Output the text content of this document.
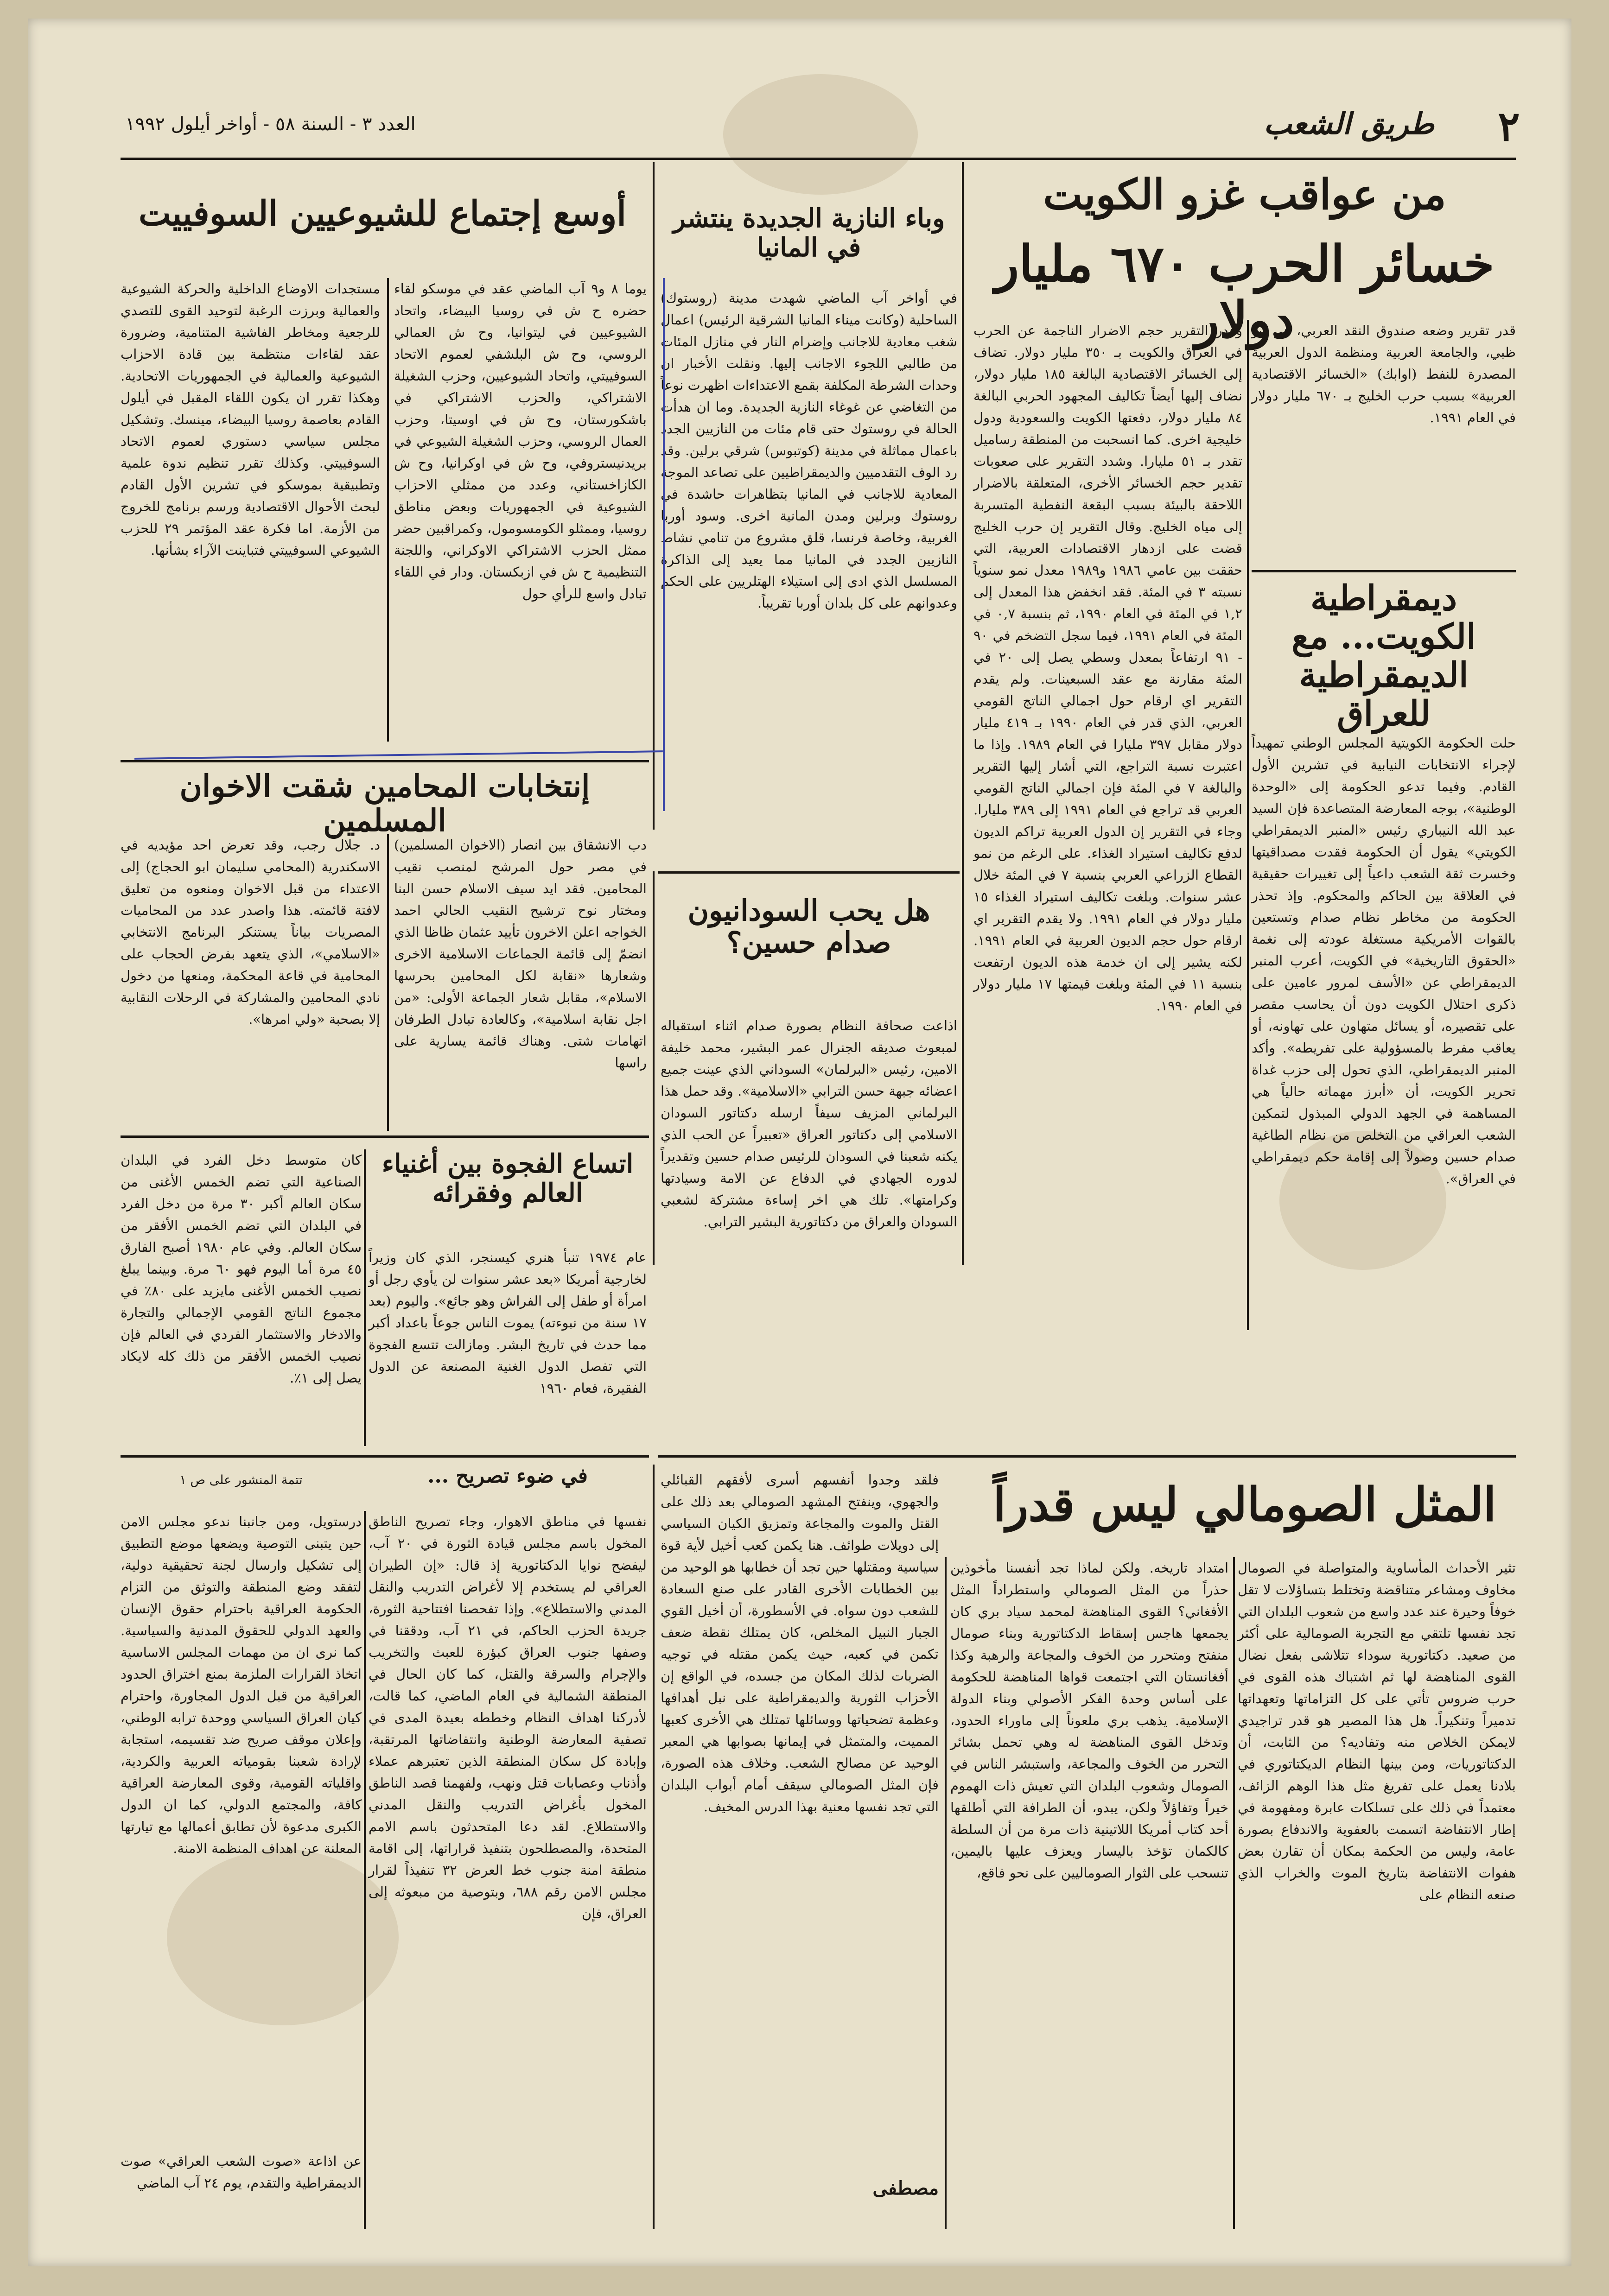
٢
طريق الشعب
العدد ٣ - السنة ٥٨ - أواخر أيلول ١٩٩٢
من عواقب غزو الكويت
خسائر الحرب ٦٧٠ مليار دولار

قدر تقرير وضعه صندوق النقد العربي، في أبو ظبي، والجامعة العربية ومنظمة الدول العربية المصدرة للنفط (اوابك) «الخسائر الاقتصادية العربية» بسبب حرب الخليج بـ ٦٧٠ مليار دولار في العام ١٩٩١.

وقدر التقرير حجم الاضرار الناجمة عن الحرب في العراق والكويت بـ ٣٥٠ مليار دولار. تضاف إلى الخسائر الاقتصادية البالغة ١٨٥ مليار دولار، نضاف إليها أيضاً تكاليف المجهود الحربي البالغة ٨٤ مليار دولار، دفعتها الكويت والسعودية ودول خليجية اخرى. كما انسحبت من المنطقة رساميل تقدر بـ ٥١ مليارا. وشدد التقرير على صعوبات تقدير حجم الخسائر الأخرى، المتعلقة بالاضرار اللاحقة بالبيئة بسبب البقعة النفطية المتسربة إلى مياه الخليج. وقال التقرير إن حرب الخليج قضت على ازدهار الاقتصادات العربية، التي حققت بين عامي ١٩٨٦ و١٩٨٩ معدل نمو سنوياً نسبته ٣ في المئة. فقد انخفض هذا المعدل إلى ١,٢ في المئة في العام ١٩٩٠، ثم بنسبة ٠,٧ في المئة في العام ١٩٩١، فيما سجل التضخم في ٩٠ - ٩١ ارتفاعاً بمعدل وسطي يصل إلى ٢٠ في المئة مقارنة مع عقد السبعينات. ولم يقدم التقرير اي ارقام حول اجمالي الناتج القومي العربي، الذي قدر في العام ١٩٩٠ بـ ٤١٩ مليار دولار مقابل ٣٩٧ مليارا في العام ١٩٨٩. وإذا ما اعتبرت نسبة التراجع، التي أشار إليها التقرير والبالغة ٧ في المئة فإن اجمالي الناتج القومي العربي قد تراجع في العام ١٩٩١ إلى ٣٨٩ مليارا. وجاء في التقرير إن الدول العربية تراكم الديون لدفع تكاليف استيراد الغذاء. على الرغم من نمو القطاع الزراعي العربي بنسبة ٧ في المئة خلال عشر سنوات. وبلغت تكاليف استيراد الغذاء ١٥ مليار دولار في العام ١٩٩١. ولا يقدم التقرير اي ارقام حول حجم الديون العربية في العام ١٩٩١. لكنه يشير إلى ان خدمة هذه الديون ارتفعت بنسبة ١١ في المئة وبلغت قيمتها ١٧ مليار دولار في العام ١٩٩٠.

ديمقراطية الكويت... مع الديمقراطية للعراق

حلت الحكومة الكويتية المجلس الوطني تمهيداً لإجراء الانتخابات النيابية في تشرين الأول القادم. وفيما تدعو الحكومة إلى «الوحدة الوطنية»، بوجه المعارضة المتصاعدة فإن السيد عبد الله النيباري رئيس «المنبر الديمقراطي الكويتي» يقول أن الحكومة فقدت مصداقيتها وخسرت ثقة الشعب داعياً إلى تغييرات حقيقية في العلاقة بين الحاكم والمحكوم. وإذ تحذر الحكومة من مخاطر نظام صدام وتستعين بالقوات الأمريكية مستغلة عودته إلى نغمة «الحقوق التاريخية» في الكويت، أعرب المنبر الديمقراطي عن «الأسف لمرور عامين على ذكرى احتلال الكويت دون أن يحاسب مقصر على تقصيره، أو يسائل متهاون على تهاونه، أو يعاقب مفرط بالمسؤولية على تفريطه». وأكد المنبر الديمقراطي، الذي تحول إلى حزب غداة تحرير الكويت، أن «أبرز مهماته حالياً هي المساهمة في الجهد الدولي المبذول لتمكين الشعب العراقي من التخلص من نظام الطاغية صدام حسين وصولاً إلى إقامة حكم ديمقراطي في العراق».

وباء النازية الجديدة ينتشر في المانيا

في أواخر آب الماضي شهدت مدينة (روستوك) الساحلية (وكانت ميناء المانيا الشرقية الرئيس) اعمال شغب معادية للاجانب وإضرام النار في منازل المئات من طالبي اللجوء الاجانب إليها. ونقلت الأخبار ان وحدات الشرطة المكلفة بقمع الاعتداءات اظهرت نوعاً من التغاضي عن غوغاء النازية الجديدة. وما ان هدأت الحالة في روستوك حتى قام مئات من النازيين الجدد باعمال مماثلة في مدينة (كوتبوس) شرقي برلين. وقد رد الوف التقدميين والديمقراطيين على تصاعد الموجة المعادية للاجانب في المانيا بتظاهرات حاشدة في روستوك وبرلين ومدن المانية اخرى. وسود أوربا الغربية، وخاصة فرنسا، قلق مشروع من تنامي نشاط النازيين الجدد في المانيا مما يعيد إلى الذاكرة المسلسل الذي ادى إلى استيلاء الهتلريين على الحكم وعدوانهم على كل بلدان أوربا تقريباً.

هل يحب السودانيون صدام حسين؟

اذاعت صحافة النظام بصورة صدام اثناء استقباله لمبعوث صديقه الجنرال عمر البشير، محمد خليفة الامين، رئيس «البرلمان» السوداني الذي عينت جميع اعضائه جبهة حسن الترابي «الاسلامية». وقد حمل هذا البرلماني المزيف سيفاً ارسله دكتاتور السودان الاسلامي إلى دكتاتور العراق «تعبيراً عن الحب الذي يكنه شعبنا في السودان للرئيس صدام حسين وتقديراً لدوره الجهادي في الدفاع عن الامة وسيادتها وكرامتها». تلك هي اخر إساءة مشتركة لشعبي السودان والعراق من دكتاتورية البشير الترابي.

أوسع إجتماع للشيوعيين السوفييت

يوما ٨ و٩ آب الماضي عقد في موسكو لقاء حضره ح ش في روسيا البيضاء، واتحاد الشيوعيين في ليتوانيا، وح ش العمالي الروسي، وح ش البلشفي لعموم الاتحاد السوفييتي، واتحاد الشيوعيين، وحزب الشغيلة الاشتراكي، والحزب الاشتراكي في باشكورستان، وح ش في اوسيتا، وحزب العمال الروسي، وحزب الشغيلة الشيوعي في بريدنيستروفي، وح ش في اوكرانيا، وح ش الكازاخستاني، وعدد من ممثلي الاحزاب الشيوعية في الجمهوريات وبعض مناطق روسيا، وممثلو الكومسومول، وكمراقبين حضر ممثل الحزب الاشتراكي الاوكراني، واللجنة التنظيمية ح ش في ازبكستان. ودار في اللقاء تبادل واسع للرأي حول

مستجدات الاوضاع الداخلية والحركة الشيوعية والعمالية وبرزت الرغبة لتوحيد القوى للتصدي للرجعية ومخاطر الفاشية المتنامية، وضرورة عقد لقاءات منتظمة بين قادة الاحزاب الشيوعية والعمالية في الجمهوريات الاتحادية. وهكذا تقرر ان يكون اللقاء المقبل في أيلول القادم بعاصمة روسيا البيضاء، مينسك. وتشكيل مجلس سياسي دستوري لعموم الاتحاد السوفييتي. وكذلك تقرر تنظيم ندوة علمية وتطبيقية بموسكو في تشرين الأول القادم لبحث الأحوال الاقتصادية ورسم برنامج للخروج من الأزمة. اما فكرة عقد المؤتمر ٢٩ للحزب الشيوعي السوفييتي فتباينت الآراء بشأنها.

إنتخابات المحامين شقت الاخوان المسلمين

دب الانشقاق بين انصار (الاخوان المسلمين) في مصر حول المرشح لمنصب نقيب المحامين. فقد ايد سيف الاسلام حسن البنا ومختار نوح ترشيح النقيب الحالي احمد الخواجه اعلن الاخرون تأييد عثمان ظاظا الذي انضمّ إلى قائمة الجماعات الاسلامية الاخرى وشعارها «نقابة لكل المحامين بحرسها الاسلام»، مقابل شعار الجماعة الأولى: «من اجل نقابة اسلامية»، وكالعادة تبادل الطرفان اتهامات شتى. وهناك قائمة يسارية على راسها

د. جلال رجب، وقد تعرض احد مؤيديه في الاسكندرية (المحامي سليمان ابو الحجاج) إلى الاعتداء من قبل الاخوان ومنعوه من تعليق لافتة قائمته. هذا واصدر عدد من المحاميات المصريات بياناً يستنكر البرنامج الانتخابي «الاسلامي»، الذي يتعهد بفرض الحجاب على المحامية في قاعة المحكمة، ومنعها من دخول نادي المحامين والمشاركة في الرحلات النقابية إلا بصحبة «ولي امرها».

اتساع الفجوة بين أغنياء العالم وفقرائه

عام ١٩٧٤ تنبأ هنري كيسنجر، الذي كان وزيراً لخارجية أمريكا «بعد عشر سنوات لن يأوي رجل أو امرأة أو طفل إلى الفراش وهو جائع». واليوم (بعد ١٧ سنة من نبوءته) يموت الناس جوعاً باعداد أكبر مما حدث في تاريخ البشر. ومازالت تتسع الفجوة التي تفصل الدول الغنية المصنعة عن الدول الفقيرة، فعام ١٩٦٠

كان متوسط دخل الفرد في البلدان الصناعية التي تضم الخمس الأغنى من سكان العالم أكبر ٣٠ مرة من دخل الفرد في البلدان التي تضم الخمس الأفقر من سكان العالم. وفي عام ١٩٨٠ أصبح الفارق ٤٥ مرة أما اليوم فهو ٦٠ مرة. وبينما يبلغ نصيب الخمس الأغنى مايزيد على ٨٠٪ في مجموع الناتج القومي الإجمالي والتجارة والادخار والاستثمار الفردي في العالم فإن نصيب الخمس الأفقر من ذلك كله لايكاد يصل إلى ١٪.

المثل الصومالي ليس قدراً

تثير الأحداث المأساوية والمتواصلة في الصومال مخاوف ومشاعر متناقضة وتختلط بتساؤلات لا تقل خوفاً وحيرة عند عدد واسع من شعوب البلدان التي تجد نفسها تلتقي مع التجربة الصومالية على أكثر من صعيد. دكتاتورية سوداء تتلاشى بفعل نضال القوى المناهضة لها ثم اشتباك هذه القوى في حرب ضروس تأتي على كل التزاماتها وتعهداتها تدميراً وتنكيراً. هل هذا المصير هو قدر تراجيدي لايمكن الخلاص منه وتفاديه؟ من الثابت، أن الدكتاتوريات، ومن بينها النظام الديكتاتوري في بلادنا يعمل على تفريغ مثل هذا الوهم الزائف، معتمداً في ذلك على تسلكات عابرة ومفهومة في إطار الانتفاضة اتسمت بالعفوية والاندفاع بصورة عامة، وليس من الحكمة بمكان أن تقارن بعض هفوات الانتفاضة بتاريخ الموت والخراب الذي صنعه النظام على

امتداد تاريخه. ولكن لماذا تجد أنفسنا مأخوذين حذراً من المثل الصومالي واستطراداً المثل الأفغاني؟ القوى المناهضة لمحمد سياد بري كان يجمعها هاجس إسقاط الدكتاتورية وبناء صومال منفتح ومتحرر من الخوف والمجاعة والرهبة وكذا أفغانستان التي اجتمعت قواها المناهضة للحكومة على أساس وحدة الفكر الأصولي وبناء الدولة الإسلامية. يذهب بري ملعوناً إلى ماوراء الحدود، وتدخل القوى المناهضة له وهي تحمل بشائر التحرر من الخوف والمجاعة، واستبشر الناس في الصومال وشعوب البلدان التي تعيش ذات الهموم خيراً وتفاؤلاً ولكن، يبدو، أن الطرافة التي أطلقها أحد كتاب أمريكا اللاتينية ذات مرة من أن السلطة كالكمان تؤخذ باليسار ويعزف عليها باليمين، تنسحب على الثوار الصوماليين على نحو فاقع،

فلقد وجدوا أنفسهم أسرى لأفقهم القبائلي والجهوي، وينفتح المشهد الصومالي بعد ذلك على القتل والموت والمجاعة وتمزيق الكيان السياسي إلى دويلات طوائف. هنا يكمن كعب أخيل لأية قوة سياسية ومقتلها حين تجد أن خطابها هو الوحيد من بين الخطابات الأخرى القادر على صنع السعادة للشعب دون سواه. في الأسطورة، أن أخيل القوي الجبار النبيل المخلص، كان يمتلك نقطة ضعف تكمن في كعبه، حيث يكمن مقتله في توجيه الضربات لذلك المكان من جسده، في الواقع إن الأحزاب الثورية والديمقراطية على نبل أهدافها وعظمة تضحياتها ووسائلها تمتلك هي الأخرى كعبها المميت، والمتمثل في إيمانها بصوابها هي المعبر الوحيد عن مصالح الشعب. وخلاف هذه الصورة، فإن المثل الصومالي سيقف أمام أبواب البلدان التي تجد نفسها معنية بهذا الدرس المخيف.

مصطفى
في ضوء تصريح ...
تتمة المنشور على ص ١

نفسها في مناطق الاهوار، وجاء تصريح الناطق المخول باسم مجلس قيادة الثورة في ٢٠ آب، ليفضح نوايا الدكتاتورية إذ قال: «إن الطيران العراقي لم يستخدم إلا لأغراض التدريب والنقل المدني والاستطلاع». وإذا تفحصنا افتتاحية الثورة، جريدة الحزب الحاكم، في ٢١ آب، ودققنا في وصفها جنوب العراق كبؤرة للعبث والتخريب والإجرام والسرقة والقتل، كما كان الحال في المنطقة الشمالية في العام الماضي، كما قالت، لأدركنا اهداف النظام وخططه بعيدة المدى في تصفية المعارضة الوطنية وانتفاضاتها المرتقبة، وإبادة كل سكان المنطقة الذين تعتبرهم عملاء وأذناب وعصابات قتل ونهب، ولفهمنا قصد الناطق المخول بأغراض التدريب والنقل المدني والاستطلاع. لقد دعا المتحدثون باسم الامم المتحدة، والمصطلحون بتنفيذ قراراتها، إلى اقامة منطقة امنة جنوب خط العرض ٣٢ تنفيذاً لقرار مجلس الامن رقم ٦٨٨، وبتوصية من مبعوثه إلى العراق، فإن

درستويل، ومن جانبنا ندعو مجلس الامن حين يتبنى التوصية ويضعها موضع التطبيق إلى تشكيل وارسال لجنة تحقيقية دولية، لتفقد وضع المنطقة والتوثق من التزام الحكومة العراقية باحترام حقوق الإنسان والعهد الدولي للحقوق المدنية والسياسية. كما نرى ان من مهمات المجلس الاساسية اتخاذ القرارات الملزمة بمنع اختراق الحدود العراقية من قبل الدول المجاورة، واحترام كيان العراق السياسي ووحدة ترابه الوطني، وإعلان موقف صريح ضد تقسيمه، استجابة لإرادة شعبنا بقومياته العربية والكردية، واقلياته القومية، وقوى المعارضة العراقية كافة، والمجتمع الدولي، كما ان الدول الكبرى مدعوة لأن تطابق أعمالها مع تيارتها المعلنة عن اهداف المنظمة الامنة.

عن اذاعة «صوت الشعب العراقي» صوت الديمقراطية والتقدم، يوم ٢٤ آب الماضي
